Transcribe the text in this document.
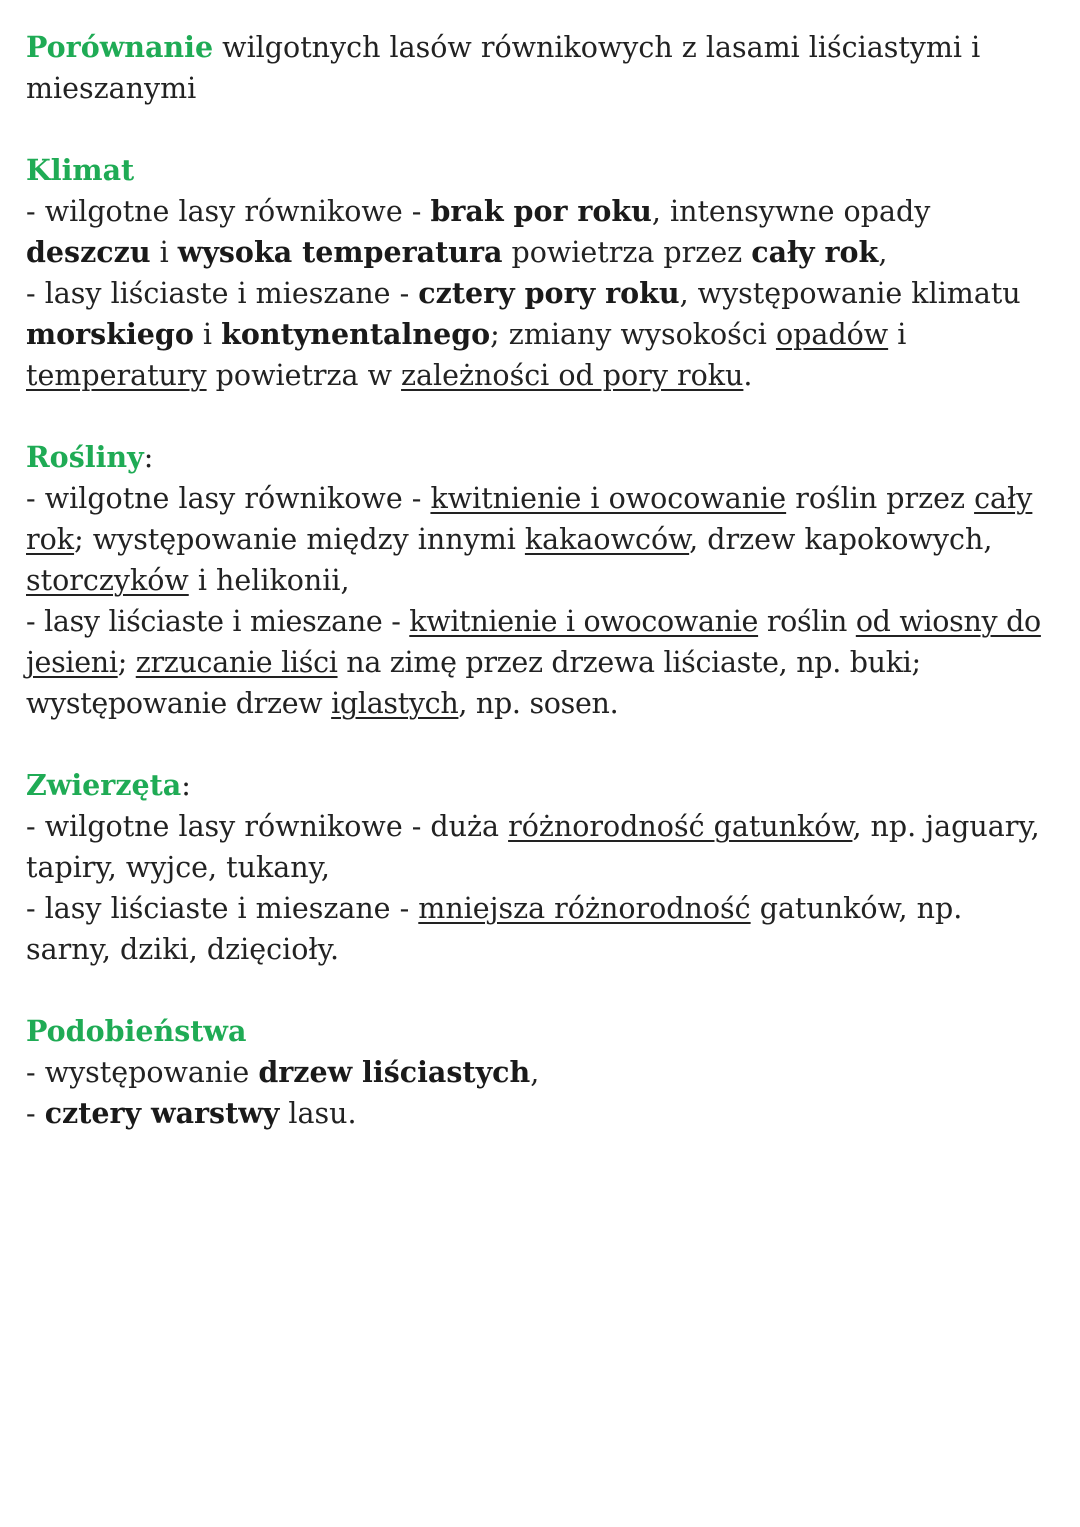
Porównanie wilgotnych lasów równikowych z lasami liściastymi i mieszanymi

Klimat

- wilgotne lasy równikowe - brak por roku, intensywne opady deszczu i wysoka temperatura powietrza przez cały rok,

- lasy liściaste i mieszane - cztery pory roku, występowanie klimatu morskiego i kontynentalnego; zmiany wysokości opadów i temperatury powietrza w zależności od pory roku.

Rośliny:

- wilgotne lasy równikowe - kwitnienie i owocowanie roślin przez cały rok; występowanie między innymi kakaowców, drzew kapokowych, storczyków i helikonii,

- lasy liściaste i mieszane - kwitnienie i owocowanie roślin od wiosny do jesieni; zrzucanie liści na zimę przez drzewa liściaste, np. buki; występowanie drzew iglastych, np. sosen.

Zwierzęta:

- wilgotne lasy równikowe - duża różnorodność gatunków, np. jaguary, tapiry, wyjce, tukany,

- lasy liściaste i mieszane - mniejsza różnorodność gatunków, np. sarny, dziki, dzięcioły.

Podobieństwa

- występowanie drzew liściastych,

- cztery warstwy lasu.
